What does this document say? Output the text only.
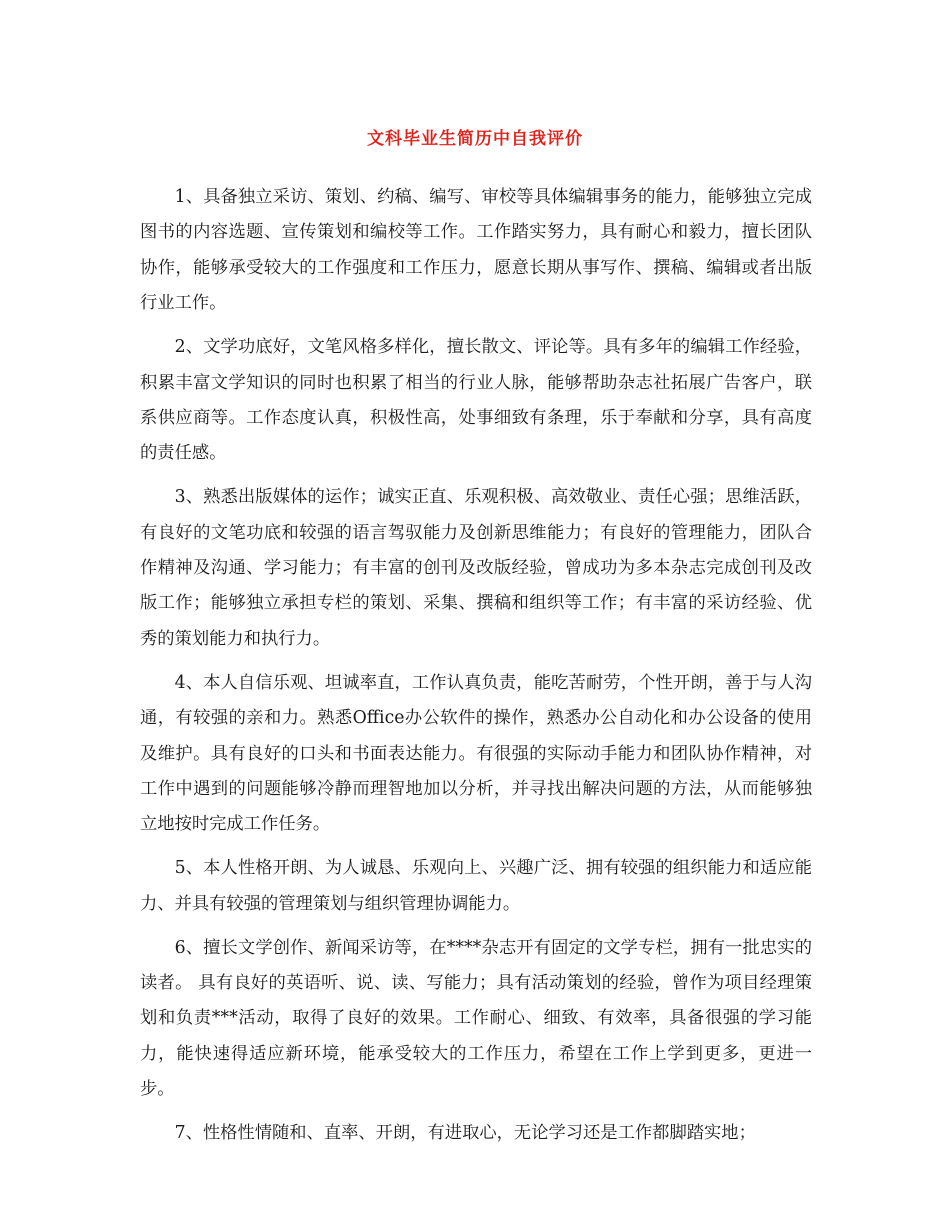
文科毕业生简历中自我评价

1、具备独立采访、策划、约稿、编写、审校等具体编辑事务的能力，能够独立完成图书的内容选题、宣传策划和编校等工作。工作踏实努力，具有耐心和毅力，擅长团队协作，能够承受较大的工作强度和工作压力，愿意长期从事写作、撰稿、编辑或者出版行业工作。

2、文学功底好，文笔风格多样化，擅长散文、评论等。具有多年的编辑工作经验，积累丰富文学知识的同时也积累了相当的行业人脉，能够帮助杂志社拓展广告客户，联系供应商等。工作态度认真，积极性高，处事细致有条理，乐于奉献和分享，具有高度的责任感。

3、熟悉出版媒体的运作；诚实正直、乐观积极、高效敬业、责任心强；思维活跃，有良好的文笔功底和较强的语言驾驭能力及创新思维能力；有良好的管理能力，团队合作精神及沟通、学习能力；有丰富的创刊及改版经验，曾成功为多本杂志完成创刊及改版工作；能够独立承担专栏的策划、采集、撰稿和组织等工作；有丰富的采访经验、优秀的策划能力和执行力。

4、本人自信乐观、坦诚率直，工作认真负责，能吃苦耐劳，个性开朗，善于与人沟通，有较强的亲和力。熟悉Office办公软件的操作，熟悉办公自动化和办公设备的使用及维护。具有良好的口头和书面表达能力。有很强的实际动手能力和团队协作精神，对工作中遇到的问题能够冷静而理智地加以分析，并寻找出解决问题的方法，从而能够独立地按时完成工作任务。

5、本人性格开朗、为人诚恳、乐观向上、兴趣广泛、拥有较强的组织能力和适应能力、并具有较强的管理策划与组织管理协调能力。

6、擅长文学创作、新闻采访等，在****杂志开有固定的文学专栏，拥有一批忠实的读者。 具有良好的英语听、说、读、写能力；具有活动策划的经验，曾作为项目经理策划和负责***活动，取得了良好的效果。工作耐心、细致、有效率，具备很强的学习能力，能快速得适应新环境，能承受较大的工作压力，希望在工作上学到更多，更进一步。

7、性格性情随和、直率、开朗，有进取心，无论学习还是工作都脚踏实地；
